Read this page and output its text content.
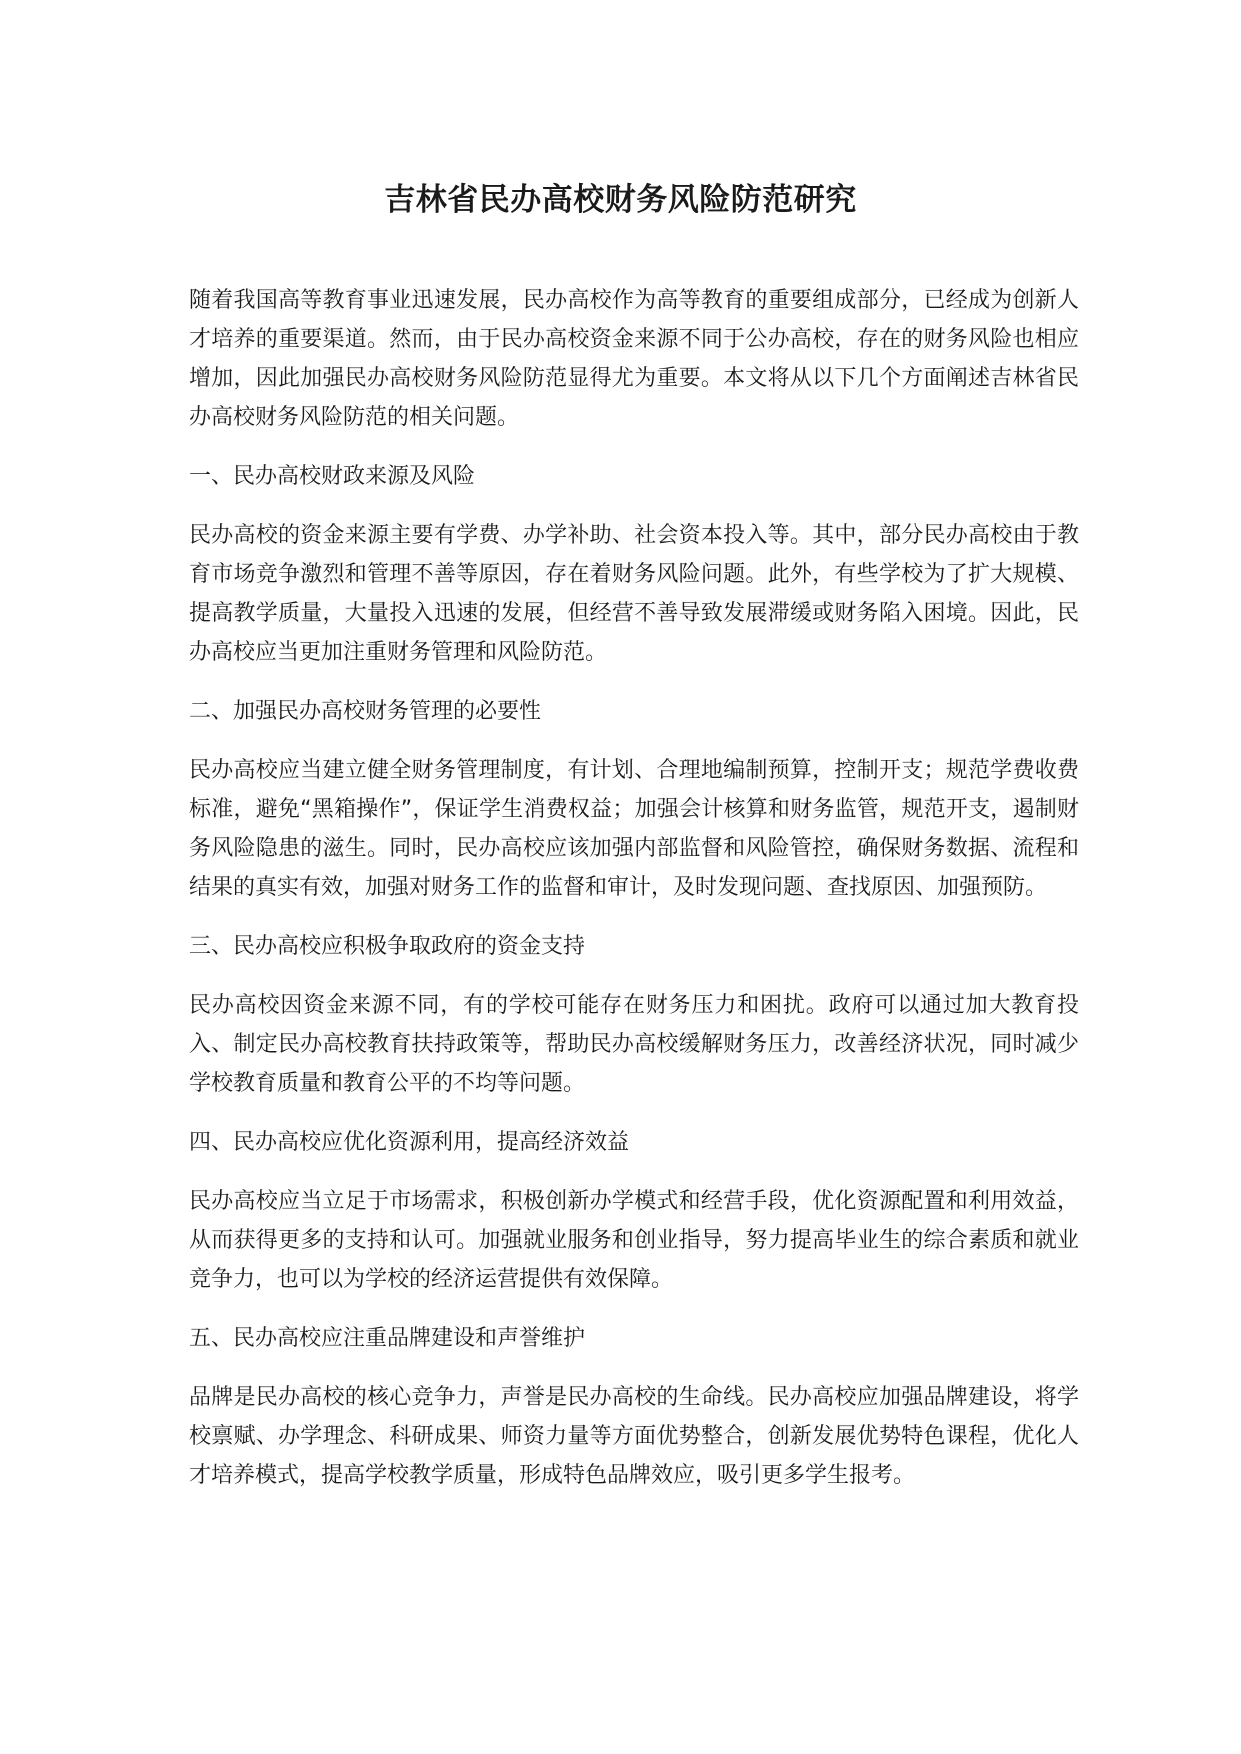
吉林省民办高校财务风险防范研究

随着我国高等教育事业迅速发展，民办高校作为高等教育的重要组成部分，已经成为创新人才培养的重要渠道。然而，由于民办高校资金来源不同于公办高校，存在的财务风险也相应增加，因此加强民办高校财务风险防范显得尤为重要。本文将从以下几个方面阐述吉林省民办高校财务风险防范的相关问题。

一、民办高校财政来源及风险

民办高校的资金来源主要有学费、办学补助、社会资本投入等。其中，部分民办高校由于教育市场竞争激烈和管理不善等原因，存在着财务风险问题。此外，有些学校为了扩大规模、提高教学质量，大量投入迅速的发展，但经营不善导致发展滞缓或财务陷入困境。因此，民办高校应当更加注重财务管理和风险防范。

二、加强民办高校财务管理的必要性

民办高校应当建立健全财务管理制度，有计划、合理地编制预算，控制开支；规范学费收费标准，避免“黑箱操作”，保证学生消费权益；加强会计核算和财务监管，规范开支，遏制财务风险隐患的滋生。同时，民办高校应该加强内部监督和风险管控，确保财务数据、流程和结果的真实有效，加强对财务工作的监督和审计，及时发现问题、查找原因、加强预防。

三、民办高校应积极争取政府的资金支持

民办高校因资金来源不同，有的学校可能存在财务压力和困扰。政府可以通过加大教育投入、制定民办高校教育扶持政策等，帮助民办高校缓解财务压力，改善经济状况，同时减少学校教育质量和教育公平的不均等问题。

四、民办高校应优化资源利用，提高经济效益

民办高校应当立足于市场需求，积极创新办学模式和经营手段，优化资源配置和利用效益，从而获得更多的支持和认可。加强就业服务和创业指导，努力提高毕业生的综合素质和就业竞争力，也可以为学校的经济运营提供有效保障。

五、民办高校应注重品牌建设和声誉维护

品牌是民办高校的核心竞争力，声誉是民办高校的生命线。民办高校应加强品牌建设，将学校禀赋、办学理念、科研成果、师资力量等方面优势整合，创新发展优势特色课程，优化人才培养模式，提高学校教学质量，形成特色品牌效应，吸引更多学生报考。
